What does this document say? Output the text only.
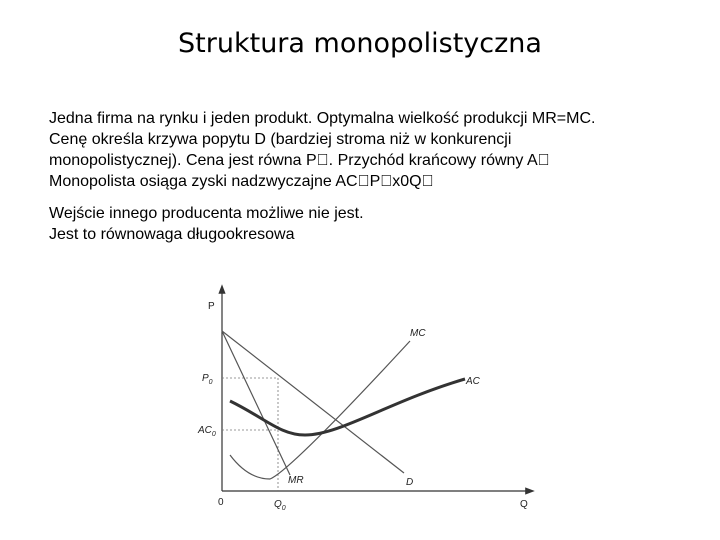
Struktura monopolistyczna

Jedna firma na rynku i jeden produkt. Optymalna wielkość produkcji MR=MC.
Cenę określa krzywa popytu D (bardziej stroma niż w konkurencji
monopolistycznej). Cena jest równa P⃞. Przychód krańcowy równy A⃞
Monopolista osiąga zyski nadzwyczajne AC⃞P⃞x0Q⃞

Wejście innego producenta możliwe nie jest.
Jest to równowaga długookresowa

P
Q
0
$P_0$
$AC_0$
$Q_0$
MC
AC
MR	D
